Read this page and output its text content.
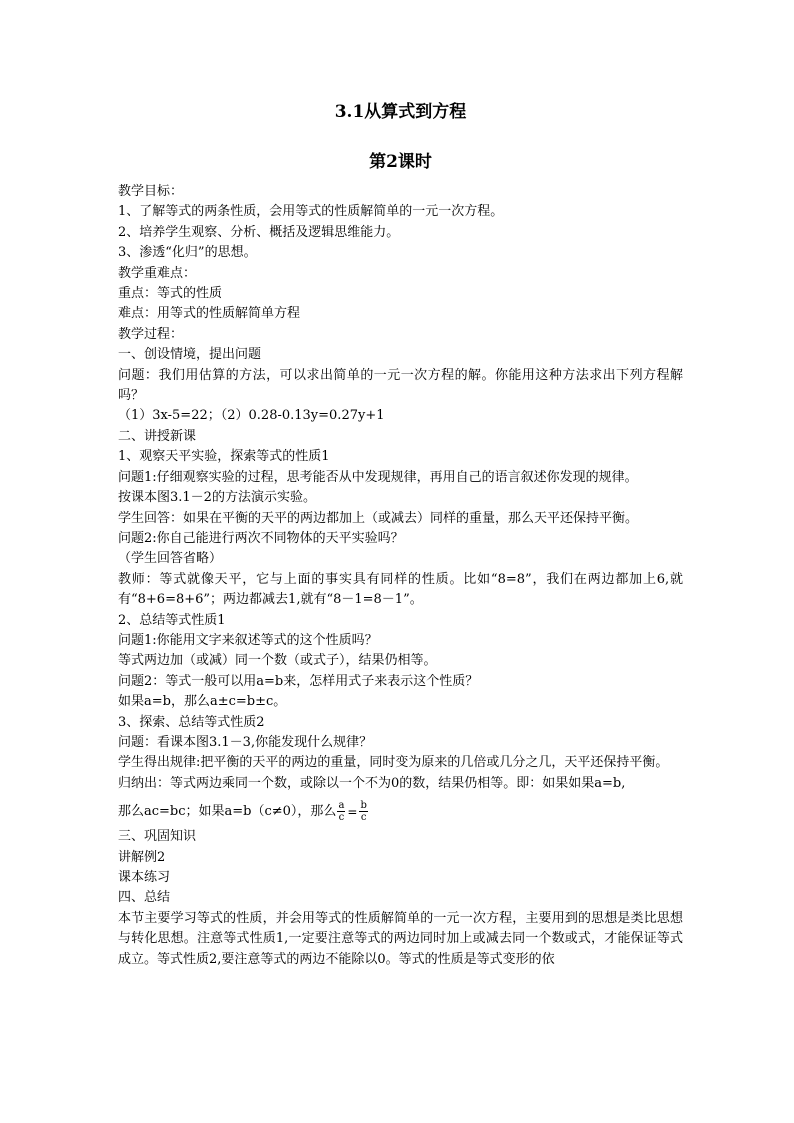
3.1从算式到方程
第2课时

教学目标：

1、了解等式的两条性质，会用等式的性质解简单的一元一次方程。

2、培养学生观察、分析、概括及逻辑思维能力。

3、渗透“化归”的思想。

教学重难点：

重点：等式的性质

难点：用等式的性质解简单方程

教学过程：

一、创设情境，提出问题

问题：我们用估算的方法，可以求出简单的一元一次方程的解。你能用这种方法求出下列方程解吗？

（1）3x-5=22；（2）0.28-0.13y=0.27y+1

二、讲授新课

1、观察天平实验，探索等式的性质1

问题1:仔细观察实验的过程，思考能否从中发现规律，再用自己的语言叙述你发现的规律。

按课本图3.1－2的方法演示实验。

学生回答：如果在平衡的天平的两边都加上（或减去）同样的重量，那么天平还保持平衡。

问题2:你自己能进行两次不同物体的天平实验吗？

（学生回答省略）

教师：等式就像天平，它与上面的事实具有同样的性质。比如“8=8”，我们在两边都加上6,就有“8+6=8+6”；两边都减去1,就有“8－1=8－1”。

2、总结等式性质1

问题1:你能用文字来叙述等式的这个性质吗？

等式两边加（或减）同一个数（或式子），结果仍相等。

问题2：等式一般可以用a=b来，怎样用式子来表示这个性质？

如果a=b，那么a±c=b±c。

3、探索、总结等式性质2

问题：看课本图3.1－3,你能发现什么规律？

学生得出规律:把平衡的天平的两边的重量，同时变为原来的几倍或几分之几，天平还保持平衡。

归纳出：等式两边乘同一个数，或除以一个不为0的数，结果仍相等。即：如果如果a=b,

那么ac=bc；如果a=b（c≠0），那么 $\frac{a}{c} = \frac{b}{c}$

三、巩固知识

讲解例2

课本练习

四、总结

本节主要学习等式的性质，并会用等式的性质解简单的一元一次方程，主要用到的思想是类比思想与转化思想。注意等式性质1,一定要注意等式的两边同时加上或减去同一个数或式，才能保证等式成立。等式性质2,要注意等式的两边不能除以0。等式的性质是等式变形的依
